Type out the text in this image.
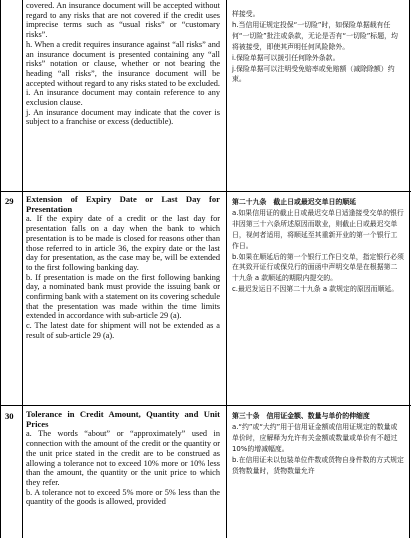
covered. An insurance document will be accepted without regard to any risks that are not covered if the credit uses imprecise terms such as “usual risks” or “customary risks”.

h. When a credit requires insurance against “all risks” and an insurance document is presented containing any “all risks” notation or clause, whether or not bearing the heading “all risks”, the insurance document will be accepted without regard to any risks stated to be excluded.

i. An insurance document may contain reference to any exclusion clause.

j. An insurance document may indicate that the cover is subject to a franchise or excess (deductible).

样接受。

h.当信用证规定投保“一切险”时，如保险单据载有任何“一切险”批注或条款，无论是否有“一切险”标题，均将被接受，即使其声明任何风险除外。

i.保险单据可以援引任何除外条款。

j.保险单据可以注明受免赔率或免赔额（减除除额）约束。

29 Extension of Expiry Date or Last Day for Presentation

a. If the expiry date of a credit or the last day for presentation falls on a day when the bank to which presentation is to be made is closed for reasons other than those referred to in article 36, the expiry date or the last day for presentation, as the case may be, will be extended to the first following banking day.

b. If presentation is made on the first following banking day, a nominated bank must provide the issuing bank or confirming bank with a statement on its covering schedule that the presentation was made within the time limits extended in accordance with sub-article 29 (a).

c. The latest date for shipment will not be extended as a result of sub-article 29 (a).

第二十九条　截止日或最迟交单日的顺延

a.如果信用证的截止日或最迟交单日适逢接受交单的银行非因第三十六条所述原因而歇业，则截止日或最迟交单日，视何者适用，将顺延至其重新开业的第一个银行工作日。

b.如果在顺延后的第一个银行工作日交单，指定银行必须在其致开证行或保兑行的面函中声明交单是在根据第二十九条 a 款顺延的期限内提交的。

c.最迟发运日不因第二十九条 a 款规定的原因而顺延。

30 Tolerance in Credit Amount, Quantity and Unit Prices

a. The words “about” or “approximately” used in connection with the amount of the credit or the quantity or the unit price stated in the credit are to be construed as allowing a tolerance not to exceed 10% more or 10% less than the amount, the quantity or the unit price to which they refer.

b. A tolerance not to exceed 5% more or 5% less than the quantity of the goods is allowed, provided

第三十条　信用证金额、数量与单价的伸缩度

a.“约”或“大约”用于信用证金额或信用证规定的数量或单价时，应解释为允许有关金额或数量或单价有不超过 10%的增减幅度。

b.在信用证未以包装单位件数或货物自身件数的方式规定货物数量时，货物数量允许
